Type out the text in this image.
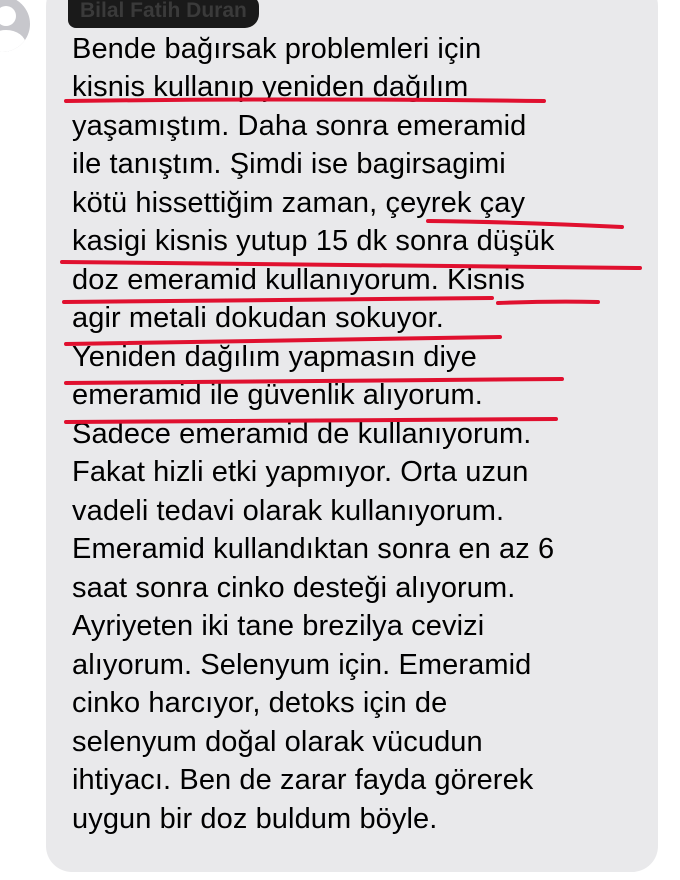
Bilal Fatih Duran
Bende bağırsak problemleri için
kisnis kullanıp yeniden dağılım
yaşamıştım. Daha sonra emeramid
ile tanıştım. Şimdi ise bagirsagimi
kötü hissettiğim zaman, çeyrek çay
kasigi kisnis yutup 15 dk sonra düşük
doz emeramid kullanıyorum. Kisnis
agir metali dokudan sokuyor.
Yeniden dağılım yapmasın diye
emeramid ile güvenlik alıyorum.
Sadece emeramid de kullanıyorum.
Fakat hizli etki yapmıyor. Orta uzun
vadeli tedavi olarak kullanıyorum.
Emeramid kullandıktan sonra en az 6
saat sonra cinko desteği alıyorum.
Ayriyeten iki tane brezilya cevizi
alıyorum. Selenyum için. Emeramid
cinko harcıyor, detoks için de
selenyum doğal olarak vücudun
ihtiyacı. Ben de zarar fayda görerek
uygun bir doz buldum böyle.
